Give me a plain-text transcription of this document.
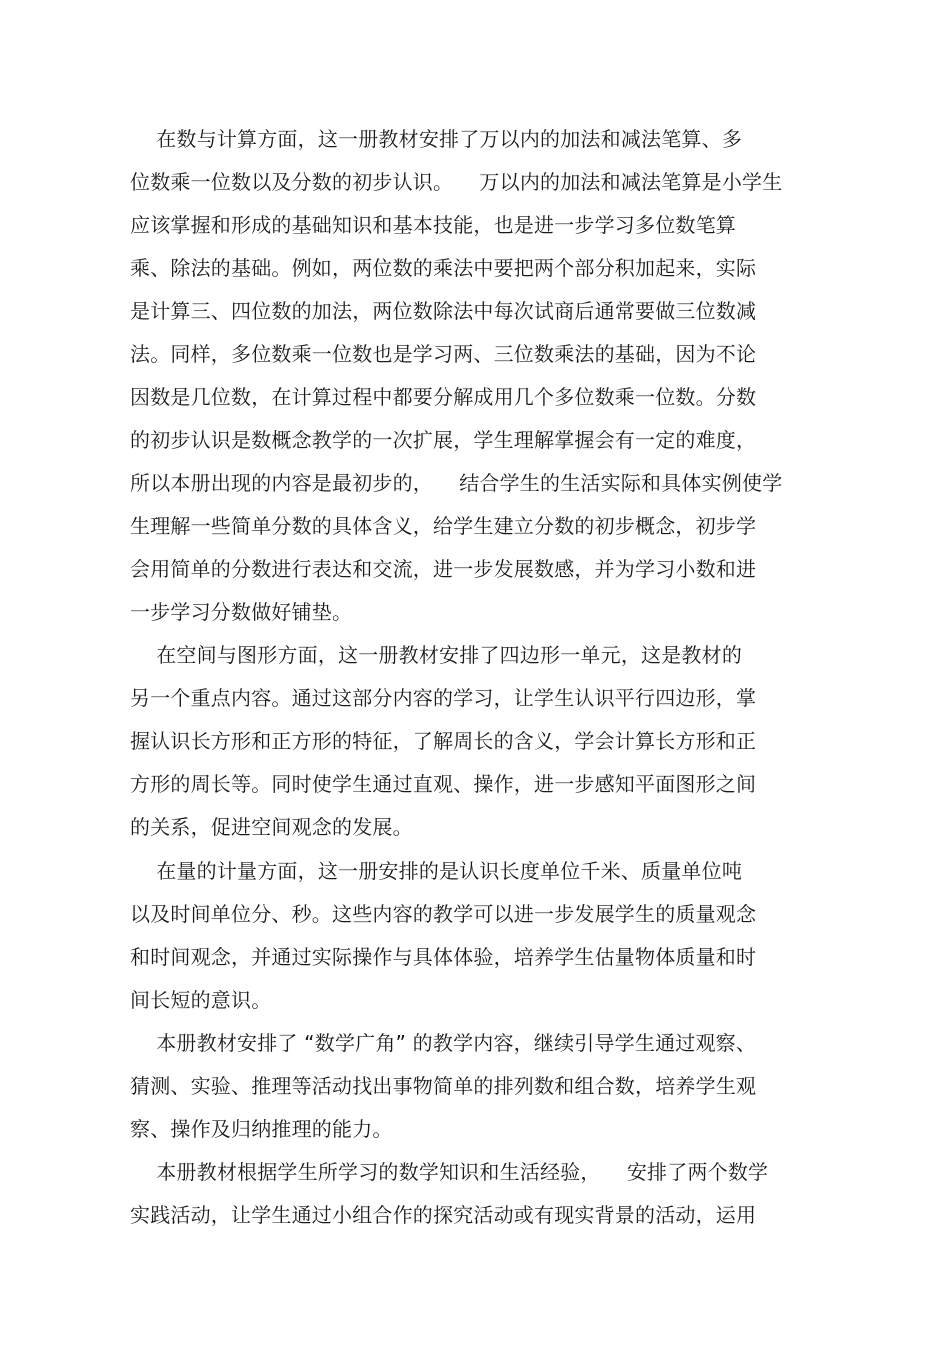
在数与计算方面，这一册教材安排了万以内的加法和减法笔算、多
位数乘一位数以及分数的初步认识。    万以内的加法和减法笔算是小学生
应该掌握和形成的基础知识和基本技能，也是进一步学习多位数笔算
乘、除法的基础。例如，两位数的乘法中要把两个部分积加起来，实际
是计算三、四位数的加法，两位数除法中每次试商后通常要做三位数减
法。同样，多位数乘一位数也是学习两、三位数乘法的基础，因为不论
因数是几位数，在计算过程中都要分解成用几个多位数乘一位数。分数
的初步认识是数概念教学的一次扩展，学生理解掌握会有一定的难度，
所以本册出现的内容是最初步的，    结合学生的生活实际和具体实例使学
生理解一些简单分数的具体含义，给学生建立分数的初步概念，初步学
会用简单的分数进行表达和交流，进一步发展数感，并为学习小数和进
一步学习分数做好铺垫。
在空间与图形方面，这一册教材安排了四边形一单元，这是教材的
另一个重点内容。通过这部分内容的学习，让学生认识平行四边形，掌
握认识长方形和正方形的特征，了解周长的含义，学会计算长方形和正
方形的周长等。同时使学生通过直观、操作，进一步感知平面图形之间
的关系，促进空间观念的发展。
在量的计量方面，这一册安排的是认识长度单位千米、质量单位吨
以及时间单位分、秒。这些内容的教学可以进一步发展学生的质量观念
和时间观念，并通过实际操作与具体体验，培养学生估量物体质量和时
间长短的意识。
本册教材安排了 “数学广角” 的教学内容，继续引导学生通过观察、
猜测、实验、推理等活动找出事物简单的排列数和组合数，培养学生观
察、操作及归纳推理的能力。
本册教材根据学生所学习的数学知识和生活经验，    安排了两个数学
实践活动，让学生通过小组合作的探究活动或有现实背景的活动，运用
